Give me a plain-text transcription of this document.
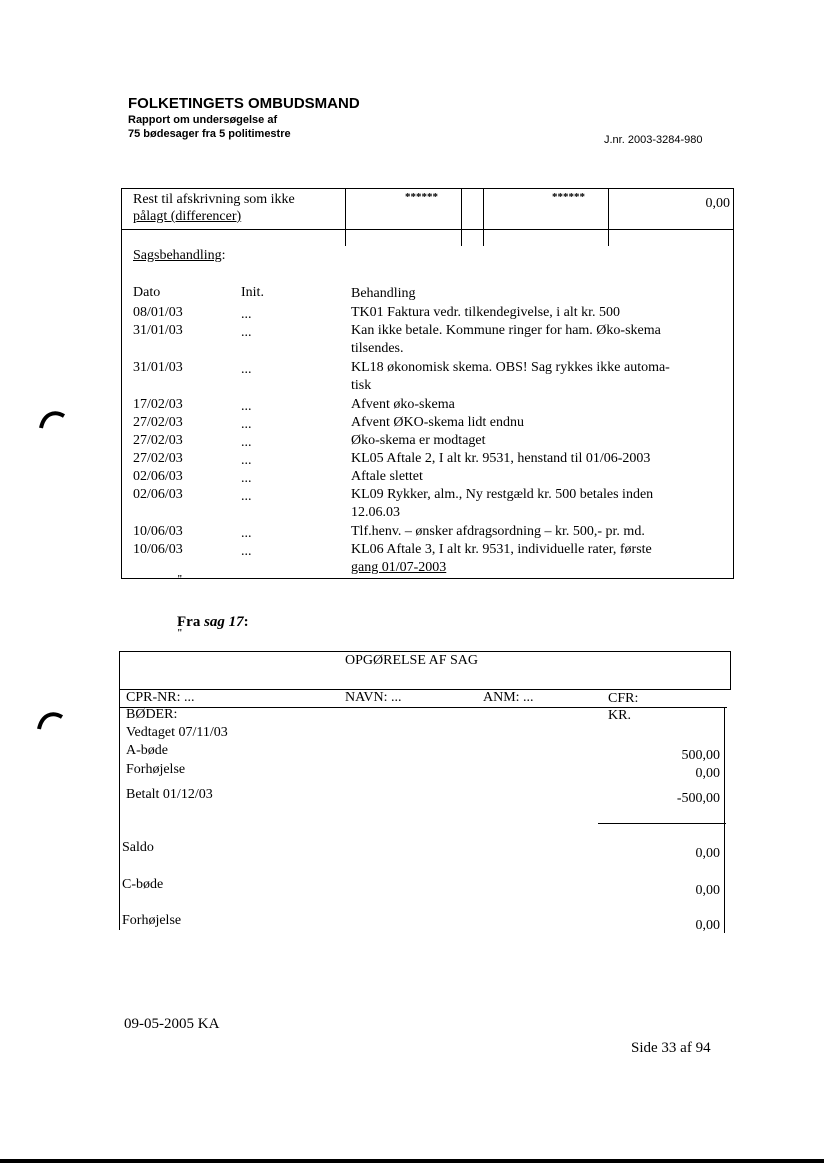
FOLKETINGETS OMBUDSMAND
Rapport om undersøgelse af
75 bødesager fra 5 politimestre	J.nr. 2003-3284-980
Rest til afskrivning som ikke
pålagt (differencer)
******	******	0,00
Sagsbehandling:
Dato	Init.	Behandling
08/01/03	...	TK01 Faktura vedr. tilkendegivelse, i alt kr. 500
31/01/03	...	Kan ikke betale. Kommune ringer for ham. Øko-skema
tilsendes.
31/01/03	...	KL18 økonomisk skema. OBS! Sag rykkes ikke automa-
tisk
17/02/03	...	Afvent øko-skema
27/02/03	...	Afvent ØKO-skema lidt endnu
27/02/03	...	Øko-skema er modtaget
27/02/03	...	KL05 Aftale 2, I alt kr. 9531, henstand til 01/06-2003
02/06/03	...	Aftale slettet
02/06/03	...	KL09 Rykker, alm., Ny restgæld kr. 500 betales inden
12.06.03
10/06/03	...	Tlf.henv. – ønsker afdragsordning – kr. 500,- pr. md.
10/06/03	...	KL06 Aftale 3, I alt kr. 9531, individuelle rater, første
gang 01/07-2003
"
Fra sag 17:
"
OPGØRELSE AF SAG
CPR-NR: ...	NAVN: ...	ANM: ...	CFR:
BØDER:	KR.
Vedtaget 07/11/03
A-bøde	500,00
Forhøjelse	0,00
Betalt 01/12/03	-500,00
Saldo	0,00
C-bøde	0,00
Forhøjelse	0,00
09-05-2005 KA
Side 33 af 94
